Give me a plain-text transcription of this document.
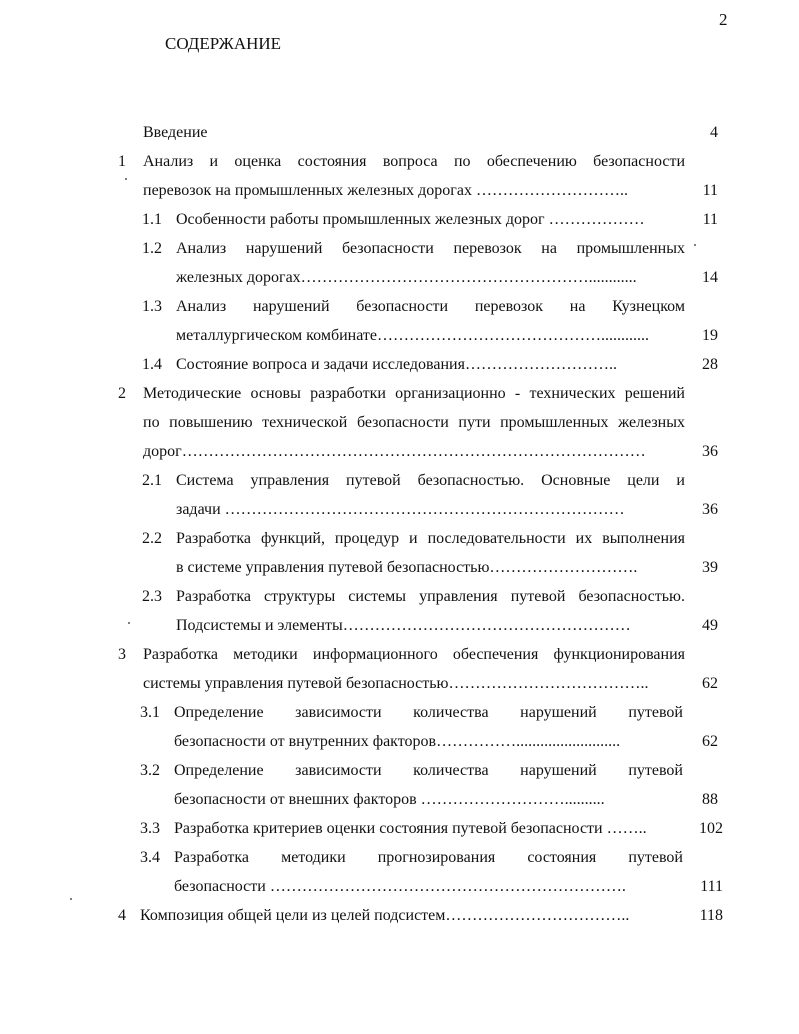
2
СОДЕРЖАНИЕ
Введение	4
1 Анализ и оценка состояния вопроса по обеспечению безопасности
перевозок на промышленных железных дорогах ………………………..	11
1.1 Особенности работы промышленных железных дорог ………………	11
1.2 Анализ нарушений безопасности перевозок на промышленных
железных дорогах………………………………………………............	14
1.3 Анализ нарушений безопасности перевозок на Кузнецком
металлургическом комбинате……………………………………............	19
1.4 Состояние вопроса и задачи исследования………………………..	28
2 Методические основы разработки организационно - технических решений
по повышению технической безопасности пути промышленных железных
дорог……………………………………………………………………………	36
2.1 Система управления путевой безопасностью. Основные цели и
задачи …………………………………………………………………	36
2.2 Разработка функций, процедур и последовательности их выполнения
в системе управления путевой безопасностью……………………….	39
2.3 Разработка структуры системы управления путевой безопасностью.
Подсистемы и элементы………………………………………………	49
3 Разработка методики информационного обеспечения функционирования
системы управления путевой безопасностью………………………………..	62
3.1 Определение зависимости количества нарушений путевой
безопасности от внутренних факторов……………..........................	62
3.2 Определение зависимости количества нарушений путевой
безопасности от внешних факторов ………………………..........	88
3.3 Разработка критериев оценки состояния путевой безопасности ……..	102
3.4 Разработка методики прогнозирования состояния путевой
безопасности ………………………………………………………….	111
4 Композиция общей цели из целей подсистем……………………………..	118
